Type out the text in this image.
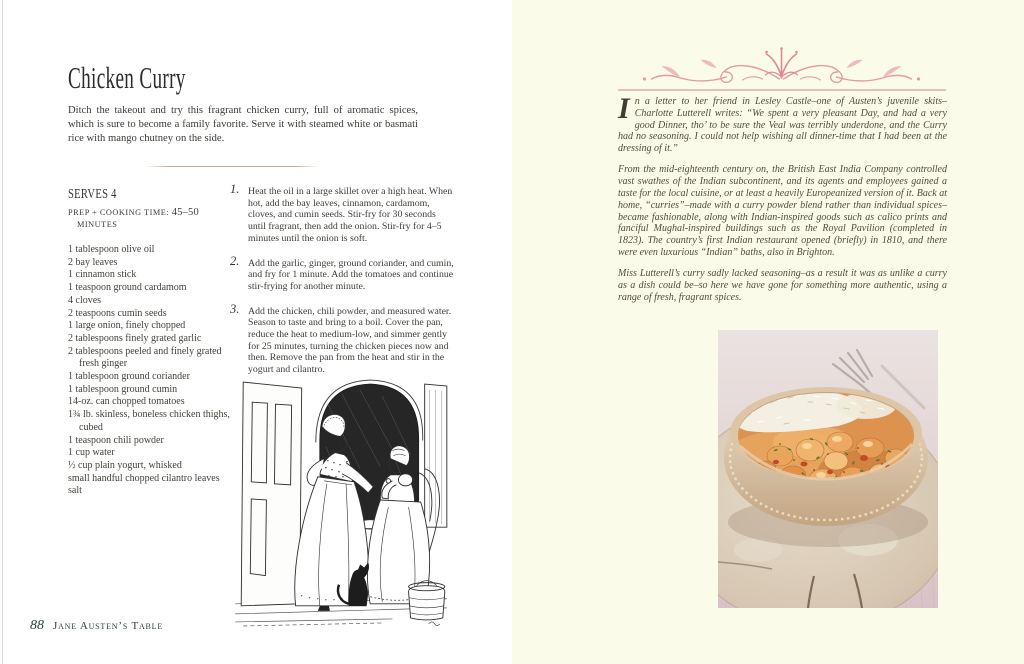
Chicken Curry

Ditch the takeout and try this fragrant chicken curry, full of aromatic spices, which is sure to become a family favorite. Serve it with steamed white or basmati rice with mango chutney on the side.

SERVES 4
PREP + COOKING TIME: 45–50
MINUTES
1 tablespoon olive oil
2 bay leaves
1 cinnamon stick
1 teaspoon ground cardamom
4 cloves
2 teaspoons cumin seeds
1 large onion, finely chopped
2 tablespoons finely grated garlic
2 tablespoons peeled and finely grated fresh ginger
1 tablespoon ground coriander
1 tablespoon ground cumin
14-oz. can chopped tomatoes
1¾ lb. skinless, boneless chicken thighs, cubed
1 teaspoon chili powder
1 cup water
½ cup plain yogurt, whisked
small handful chopped cilantro leaves
salt
1. Heat the oil in a large skillet over a high heat. When hot, add the bay leaves, cinnamon, cardamom, cloves, and cumin seeds. Stir-fry for 30 seconds until fragrant, then add the onion. Stir-fry for 4–5 minutes until the onion is soft.
2. Add the garlic, ginger, ground coriander, and cumin, and fry for 1 minute. Add the tomatoes and continue stir-frying for another minute.
3. Add the chicken, chili powder, and measured water. Season to taste and bring to a boil. Cover the pan, reduce the heat to medium-low, and simmer gently for 25 minutes, turning the chicken pieces now and then. Remove the pan from the heat and stir in the yogurt and cilantro.
88 Jane Austen’s Table

In a letter to her friend in Lesley Castle–one of Austen’s juvenile skits–Charlotte Lutterell writes: “We spent a very pleasant Day, and had a very good Dinner, tho’ to be sure the Veal was terribly underdone, and the Curry had no seasoning. I could not help wishing all dinner-time that I had been at the dressing of it.”

From the mid-eighteenth century on, the British East India Company controlled vast swathes of the Indian subcontinent, and its agents and employees gained a taste for the local cuisine, or at least a heavily Europeanized version of it. Back at home, “curries”–made with a curry powder blend rather than individual spices–became fashionable, along with Indian-inspired goods such as calico prints and fanciful Mughal-inspired buildings such as the Royal Pavilion (completed in 1823). The country’s first Indian restaurant opened (briefly) in 1810, and there were even luxurious “Indian” baths, also in Brighton.

Miss Lutterell’s curry sadly lacked seasoning–as a result it was as unlike a curry as a dish could be–so here we have gone for something more authentic, using a range of fresh, fragrant spices.
